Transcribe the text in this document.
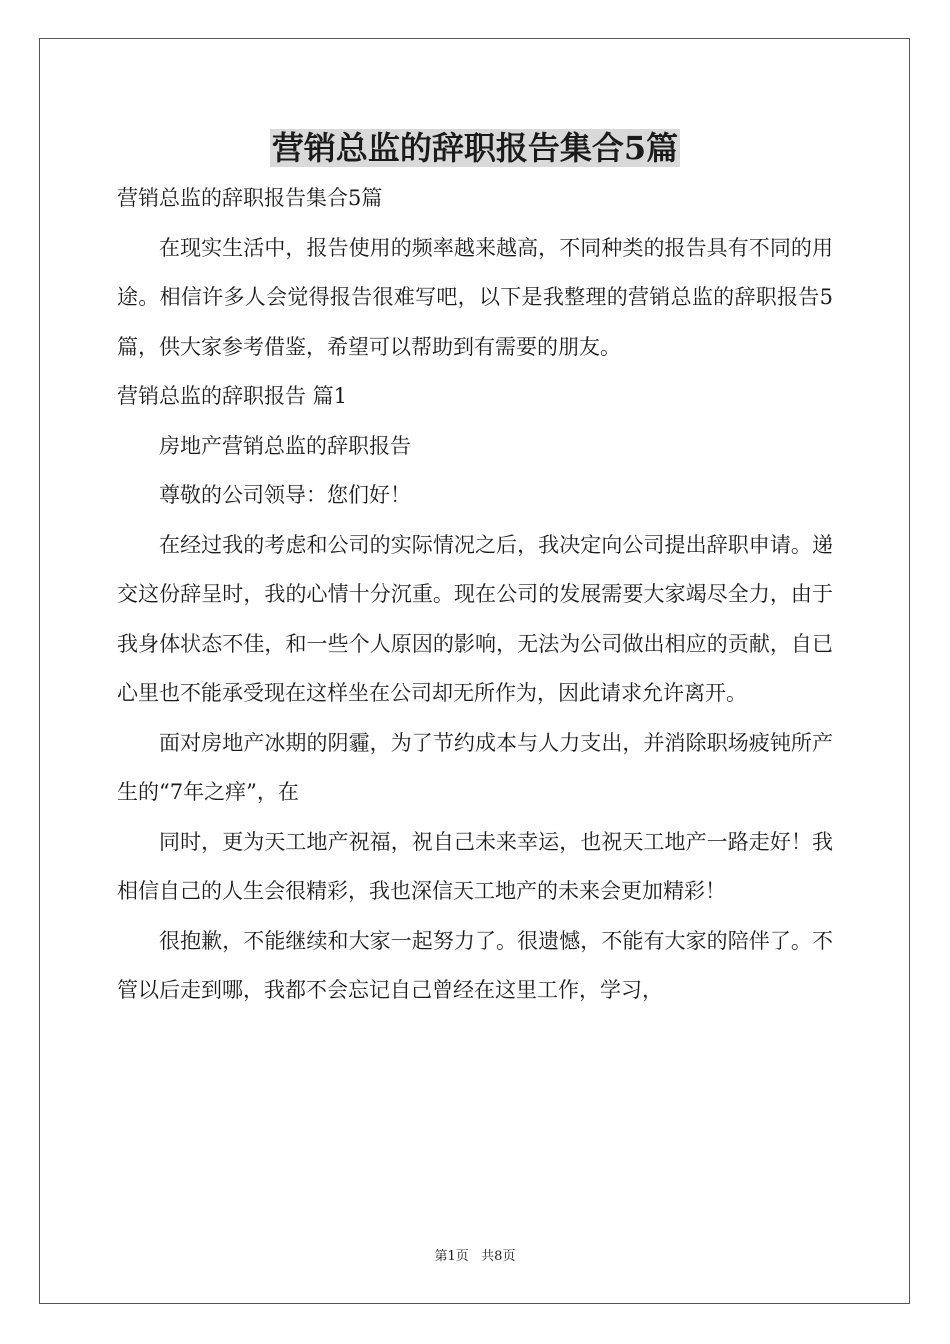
营销总监的辞职报告集合5篇

营销总监的辞职报告集合5篇

在现实生活中，报告使用的频率越来越高，不同种类的报告具有不同的用途。相信许多人会觉得报告很难写吧，以下是我整理的营销总监的辞职报告5篇，供大家参考借鉴，希望可以帮助到有需要的朋友。

营销总监的辞职报告 篇1

房地产营销总监的辞职报告

尊敬的公司领导：您们好！

在经过我的考虑和公司的实际情况之后，我决定向公司提出辞职申请。递交这份辞呈时，我的心情十分沉重。现在公司的发展需要大家竭尽全力，由于我身体状态不佳，和一些个人原因的影响，无法为公司做出相应的贡献，自已心里也不能承受现在这样坐在公司却无所作为，因此请求允许离开。

面对房地产冰期的阴霾，为了节约成本与人力支出，并消除职场疲钝所产生的“7年之痒”，在

同时，更为天工地产祝福，祝自己未来幸运，也祝天工地产一路走好！我相信自己的人生会很精彩，我也深信天工地产的未来会更加精彩！

很抱歉，不能继续和大家一起努力了。很遗憾，不能有大家的陪伴了。不管以后走到哪，我都不会忘记自己曾经在这里工作，学习，

第1页   共8页
